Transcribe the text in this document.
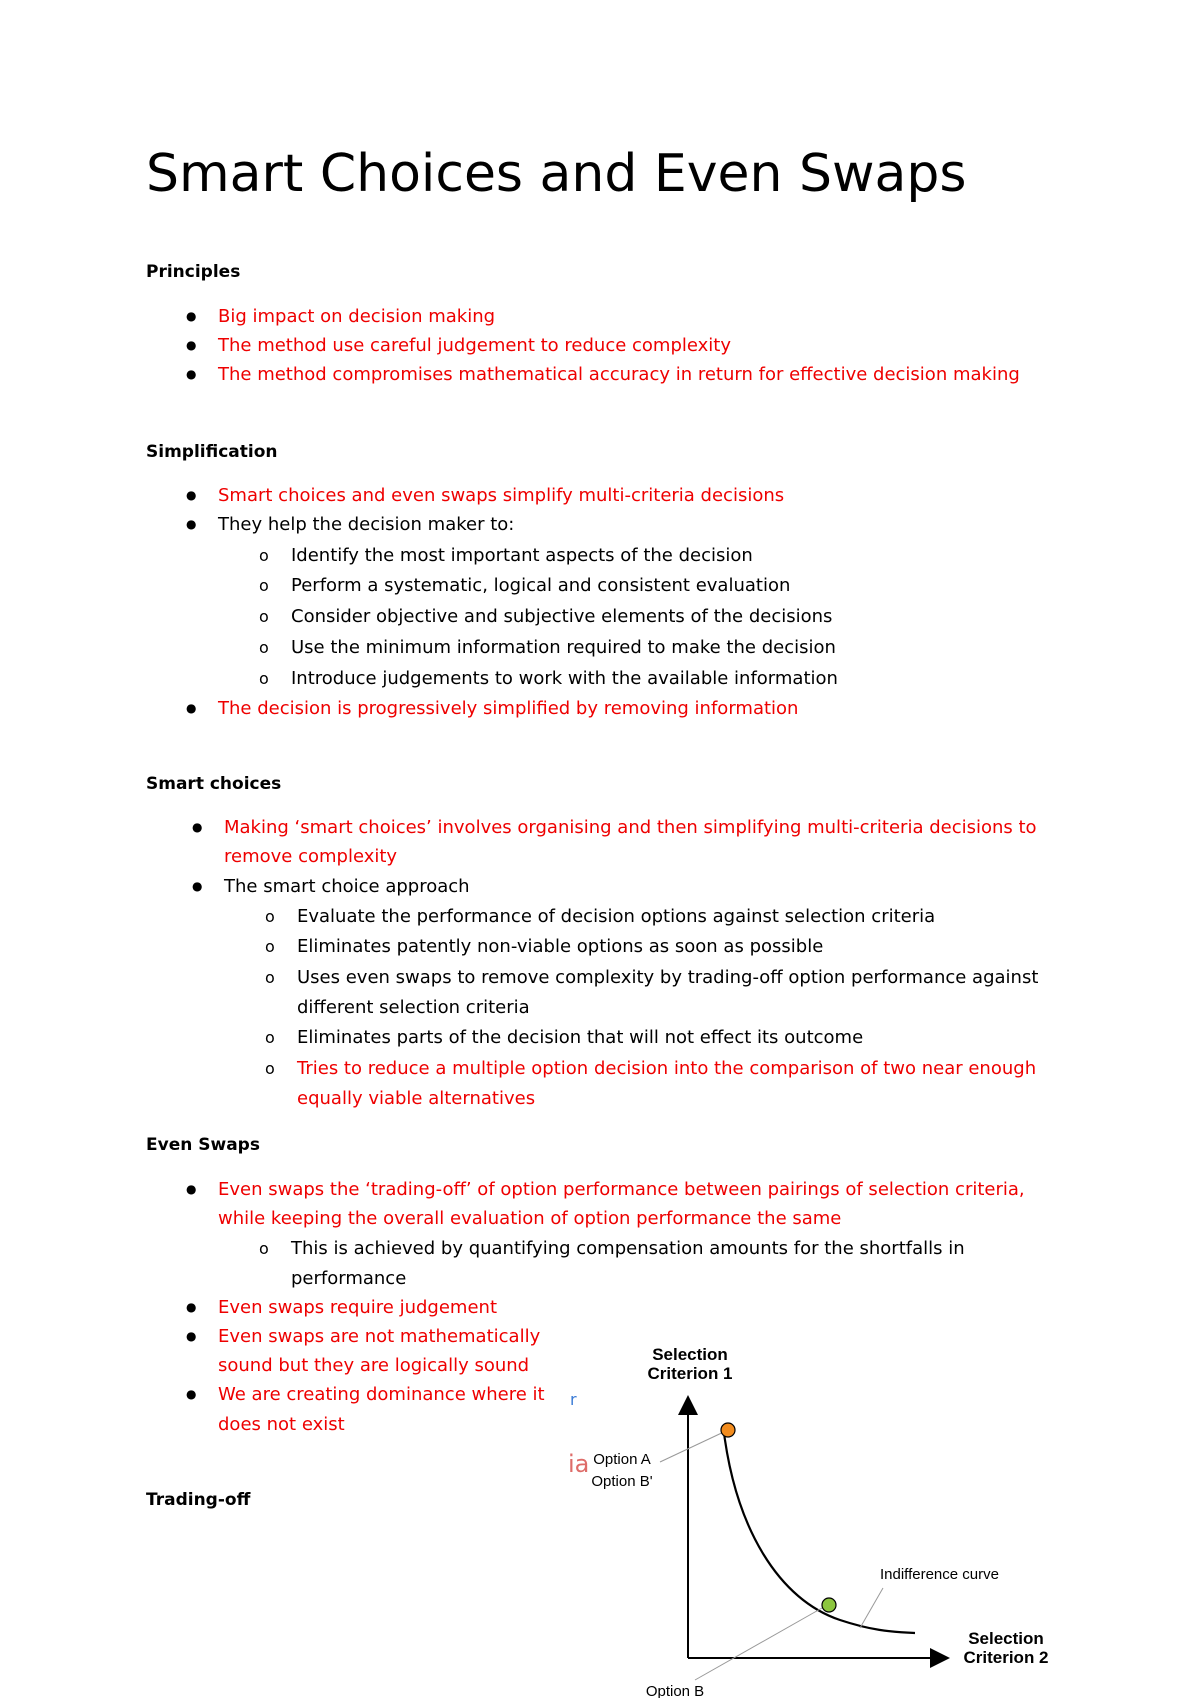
Smart Choices and Even Swaps
Principles
● Big impact on decision making
● The method use careful judgement to reduce complexity
● The method compromises mathematical accuracy in return for effective decision making
Simplification
● Smart choices and even swaps simplify multi-criteria decisions
● They help the decision maker to:
o Identify the most important aspects of the decision
o Perform a systematic, logical and consistent evaluation
o Consider objective and subjective elements of the decisions
o Use the minimum information required to make the decision
o Introduce judgements to work with the available information
● The decision is progressively simplified by removing information
Smart choices
● Making ‘smart choices’ involves organising and then simplifying multi-criteria decisions to
remove complexity
● The smart choice approach
o Evaluate the performance of decision options against selection criteria
o Eliminates patently non-viable options as soon as possible
o Uses even swaps to remove complexity by trading-off option performance against
different selection criteria
o Eliminates parts of the decision that will not effect its outcome
o Tries to reduce a multiple option decision into the comparison of two near enough
equally viable alternatives
Even Swaps
● Even swaps the ‘trading-off’ of option performance between pairings of selection criteria,
while keeping the overall evaluation of option performance the same
o This is achieved by quantifying compensation amounts for the shortfalls in
performance
● Even swaps require judgement
● Even swaps are not mathematically
sound but they are logically sound
● We are creating dominance where it
does not exist
r
ia
Trading-off
Selection
Criterion 1
Selection
Criterion 2
Option A
Option B'
Indifference curve
Option B
